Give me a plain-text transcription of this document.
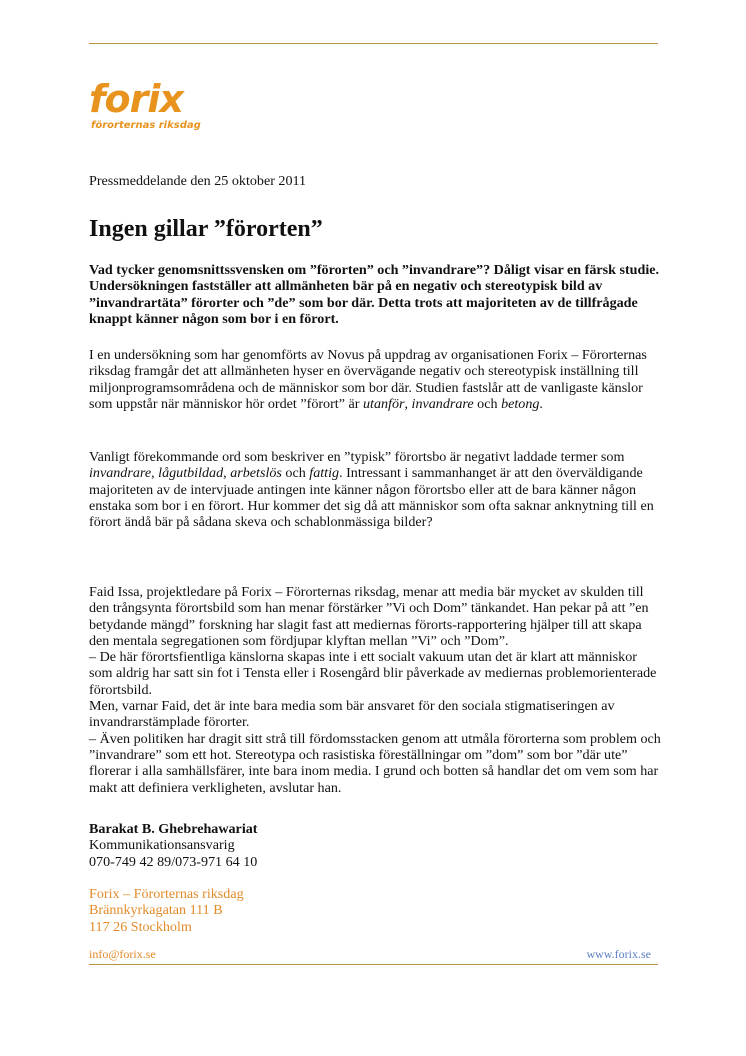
forix
förorternas riksdag
Pressmeddelande den 25 oktober 2011
Ingen gillar ”förorten”

Vad tycker genomsnittssvensken om ”förorten” och ”invandrare”? Dåligt visar en färsk studie. Undersökningen fastställer att allmänheten bär på en negativ och stereotypisk bild av ”invandrartäta” förorter och ”de” som bor där. Detta trots att majoriteten av de tillfrågade knappt känner någon som bor i en förort.

I en undersökning som har genomförts av Novus på uppdrag av organisationen Forix – Förorternas riksdag framgår det att allmänheten hyser en övervägande negativ och stereotypisk inställning till miljonprogramsområdena och de människor som bor där. Studien fastslår att de vanligaste känslor som uppstår när människor hör ordet ”förort” är utanför, invandrare och betong.

Vanligt förekommande ord som beskriver en ”typisk” förortsbo är negativt laddade termer som invandrare, lågutbildad, arbetslös och fattig. Intressant i sammanhanget är att den överväldigande majoriteten av de intervjuade antingen inte känner någon förortsbo eller att de bara känner någon enstaka som bor i en förort. Hur kommer det sig då att människor som ofta saknar anknytning till en förort ändå bär på sådana skeva och schablonmässiga bilder?

Faid Issa, projektledare på Forix – Förorternas riksdag, menar att media bär mycket av skulden till den trångsynta förortsbild som han menar förstärker ”Vi och Dom” tänkandet. Han pekar på att ”en betydande mängd” forskning har slagit fast att mediernas förorts-rapportering hjälper till att skapa den mentala segregationen som fördjupar klyftan mellan ”Vi” och ”Dom”.

– De här förortsfientliga känslorna skapas inte i ett socialt vakuum utan det är klart att människor som aldrig har satt sin fot i Tensta eller i Rosengård blir påverkade av mediernas problemorienterade förortsbild.

Men, varnar Faid, det är inte bara media som bär ansvaret för den sociala stigmatiseringen av invandrarstämplade förorter.

– Även politiken har dragit sitt strå till fördomsstacken genom att utmåla förorterna som problem och ”invandrare” som ett hot. Stereotypa och rasistiska föreställningar om ”dom” som bor ”där ute” florerar i alla samhällsfärer, inte bara inom media. I grund och botten så handlar det om vem som har makt att definiera verkligheten, avslutar han.

Barakat B. Ghebrehawariat
Kommunikationsansvarig
070-749 42 89/073-971 64 10
Forix – Förorternas riksdag
Brännkyrkagatan 111 B
117 26 Stockholm
info@forix.se	www.forix.se
